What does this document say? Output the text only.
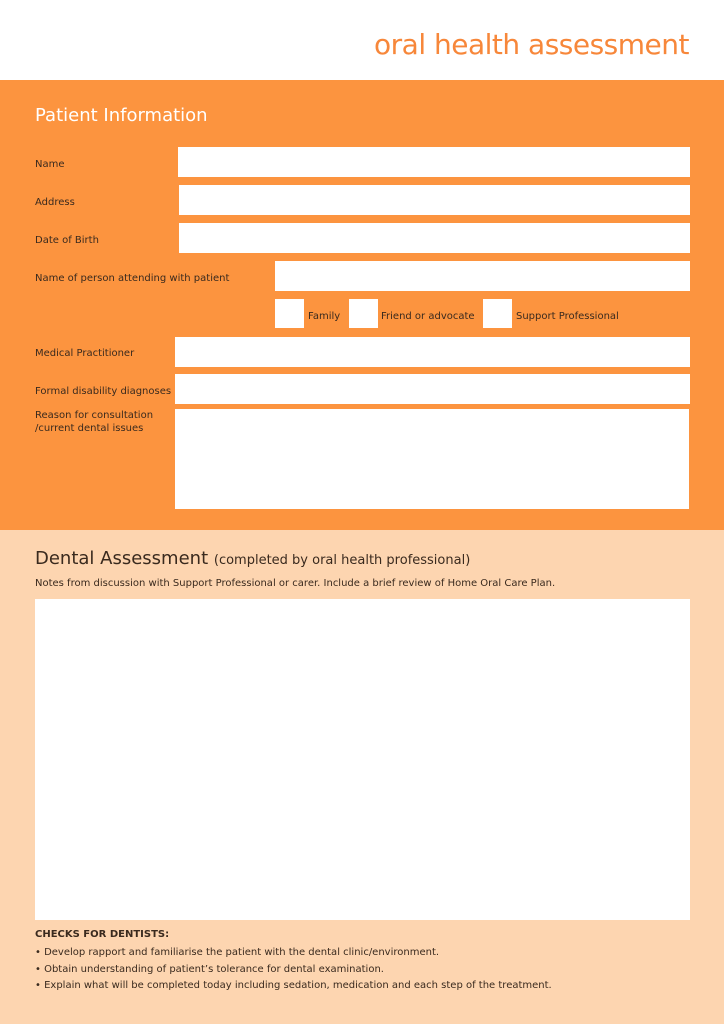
oral health assessment
Patient Information
Name
Address
Date of Birth
Name of person attending with patient
Family	Friend or advocate	Support Professional
Medical Practitioner
Formal disability diagnoses
Reason for consultation
/current dental issues
Dental Assessment (completed by oral health professional)
Notes from discussion with Support Professional or carer. Include a brief review of Home Oral Care Plan.
CHECKS FOR DENTISTS:
• Develop rapport and familiarise the patient with the dental clinic/environment.
• Obtain understanding of patient’s tolerance for dental examination.
• Explain what will be completed today including sedation, medication and each step of the treatment.
